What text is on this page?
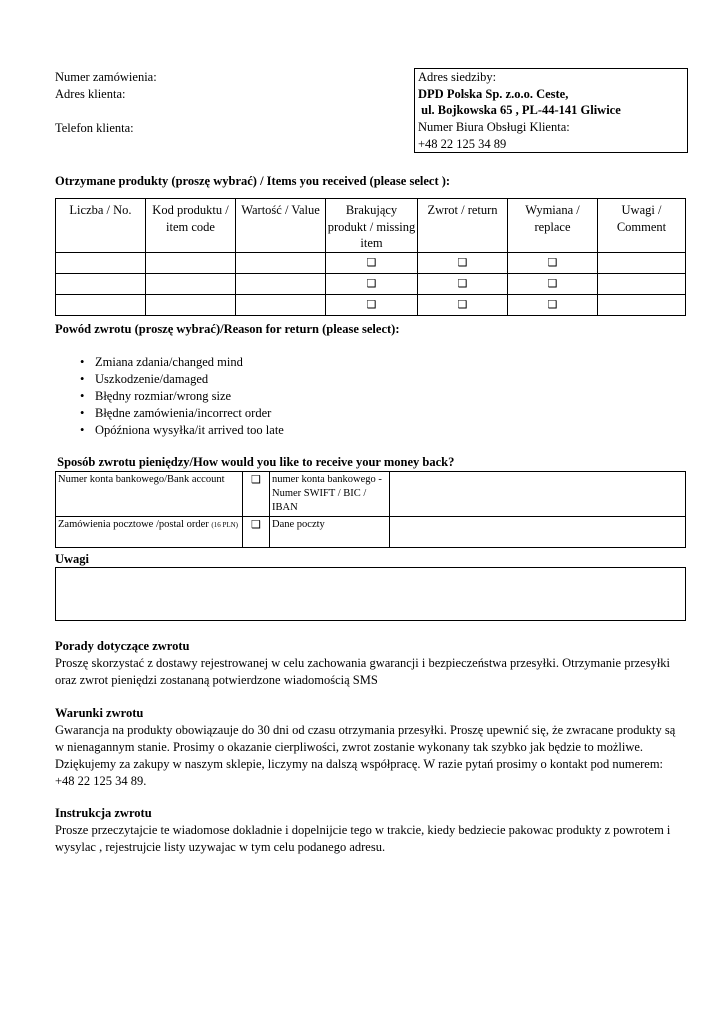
Numer zamówienia:
Adres klienta:
Telefon klienta:
Adres siedziby:
DPD Polska Sp. z.o.o. Ceste,
ul. Bojkowska 65 , PL-44-141 Gliwice
Numer Biura Obsługi Klienta:
+48 22 125 34 89
Otrzymane produkty (proszę wybrać) / Items you received (please select ):
Liczba / No.	Kod produktu / item code	Wartość / Value	Brakujący produkt / missing item	Zwrot / return	Wymiana / replace	Uwagi / Comment
			❑	❑	❑	
			❑	❑	❑	
			❑	❑	❑	
Powód zwrotu (proszę wybrać)/Reason for return (please select):
• Zmiana zdania/changed mind
• Uszkodzenie/damaged
• Błędny rozmiar/wrong size
• Błędne zamówienia/incorrect order
• Opóźniona wysyłka/it arrived too late
Sposób zwrotu pieniędzy/How would you like to receive your money back?
Numer konta bankowego/Bank account	❑	numer konta bankowego - Numer SWIFT / BIC / IBAN	
Zamówienia pocztowe /postal order (16 PLN)	❑	Dane poczty	
Uwagi
Porady dotyczące zwrotu
Proszę skorzystać z dostawy rejestrowanej w celu zachowania gwarancji i bezpieczeństwa przesyłki. Otrzymanie przesyłki oraz zwrot pieniędzi zostananą potwierdzone wiadomością SMS
Warunki zwrotu
Gwarancja na produkty obowiązauje do 30 dni od czasu otrzymania przesyłki. Proszę upewnić się, że zwracane produkty są w nienagannym stanie. Prosimy o okazanie cierpliwości, zwrot zostanie wykonany tak szybko jak będzie to możliwe. Dziękujemy za zakupy w naszym sklepie, liczymy na dalszą współpracę. W razie pytań prosimy o kontakt pod numerem: +48 22 125 34 89.
Instrukcja zwrotu
Prosze przeczytajcie te wiadomose dokladnie i dopelnijcie tego w trakcie, kiedy bedziecie pakowac produkty z powrotem i wysylac , rejestrujcie listy uzywajac w tym celu podanego adresu.
